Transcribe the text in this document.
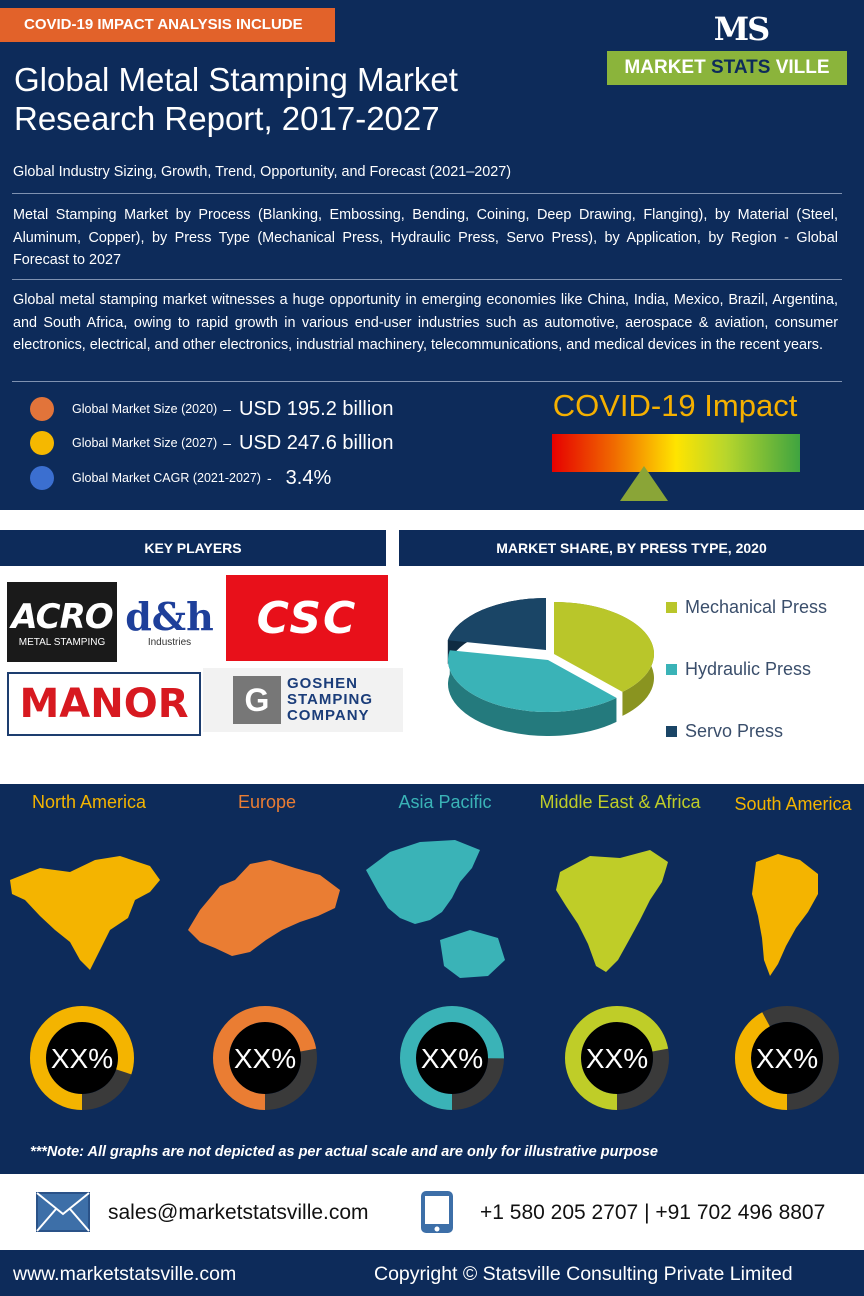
COVID-19 IMPACT ANALYSIS INCLUDE
Global Metal Stamping Market
Research Report, 2017-2027
MS
MARKET STATS VILLE
Global Industry Sizing, Growth, Trend, Opportunity, and Forecast (2021–2027)
Metal Stamping Market by Process (Blanking, Embossing, Bending, Coining, Deep Drawing, Flanging), by Material (Steel, Aluminum, Copper), by Press Type (Mechanical Press, Hydraulic Press, Servo Press), by Application, by Region - Global Forecast to 2027
Global metal stamping market witnesses a huge opportunity in emerging economies like China, India, Mexico, Brazil, Argentina, and South Africa, owing to rapid growth in various end-user industries such as automotive, aerospace & aviation, consumer electronics, electrical, and other electronics, industrial machinery, telecommunications, and medical devices in the recent years.
Global Market Size (2020) – USD 195.2 billion
Global Market Size (2027) – USD 247.6 billion
Global Market CAGR (2021-2027) - 3.4%
COVID-19 Impact
KEY PLAYERS	MARKET SHARE, BY PRESS TYPE, 2020
ACRO
METAL STAMPING
d&h
Industries CSC
MANOR	G	GOSHEN
STAMPING
COMPANY
Mechanical Press
Hydraulic Press
Servo Press
North America	Europe	Asia Pacific	Middle East & Africa	South America
XX%	XX%	XX%	XX%	XX%
***Note: All graphs are not depicted as per actual scale and are only for illustrative purpose
sales@marketstatsville.com	+1 580 205 2707 | +91 702 496 8807
www.marketstatsville.com	Copyright © Statsville Consulting Private Limited
